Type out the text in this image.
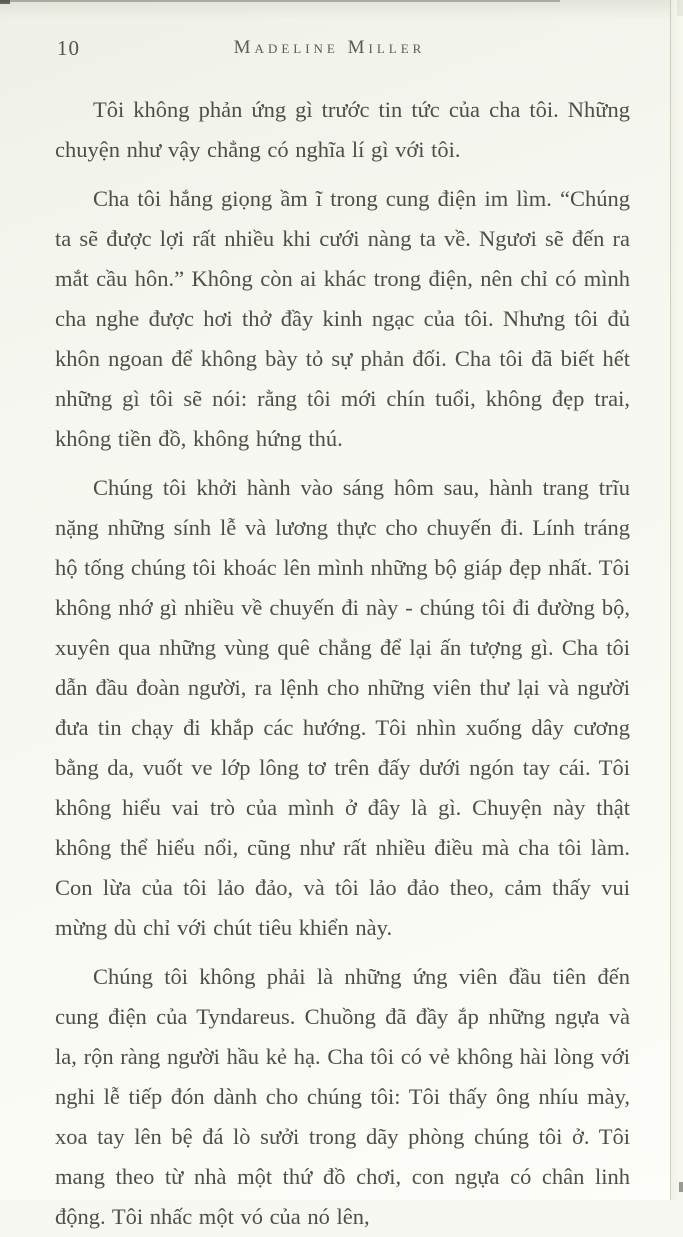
10	Madeline Miller

Tôi không phản ứng gì trước tin tức của cha tôi. Những chuyện như vậy chẳng có nghĩa lí gì với tôi.

Cha tôi hắng giọng ầm ĩ trong cung điện im lìm. “Chúng ta sẽ được lợi rất nhiều khi cưới nàng ta về. Ngươi sẽ đến ra mắt cầu hôn.” Không còn ai khác trong điện, nên chỉ có mình cha nghe được hơi thở đầy kinh ngạc của tôi. Nhưng tôi đủ khôn ngoan để không bày tỏ sự phản đối. Cha tôi đã biết hết những gì tôi sẽ nói: rằng tôi mới chín tuổi, không đẹp trai, không tiền đồ, không hứng thú.

Chúng tôi khởi hành vào sáng hôm sau, hành trang trĩu nặng những sính lễ và lương thực cho chuyến đi. Lính tráng hộ tống chúng tôi khoác lên mình những bộ giáp đẹp nhất. Tôi không nhớ gì nhiều về chuyến đi này - chúng tôi đi đường bộ, xuyên qua những vùng quê chẳng để lại ấn tượng gì. Cha tôi dẫn đầu đoàn người, ra lệnh cho những viên thư lại và người đưa tin chạy đi khắp các hướng. Tôi nhìn xuống dây cương bằng da, vuốt ve lớp lông tơ trên đấy dưới ngón tay cái. Tôi không hiểu vai trò của mình ở đây là gì. Chuyện này thật không thể hiểu nổi, cũng như rất nhiều điều mà cha tôi làm. Con lừa của tôi lảo đảo, và tôi lảo đảo theo, cảm thấy vui mừng dù chỉ với chút tiêu khiển này.

Chúng tôi không phải là những ứng viên đầu tiên đến cung điện của Tyndareus. Chuồng đã đầy ắp những ngựa và la, rộn ràng người hầu kẻ hạ. Cha tôi có vẻ không hài lòng với nghi lễ tiếp đón dành cho chúng tôi: Tôi thấy ông nhíu mày, xoa tay lên bệ đá lò sưởi trong dãy phòng chúng tôi ở. Tôi mang theo từ nhà một thứ đồ chơi, con ngựa có chân linh động. Tôi nhấc một vó của nó lên,
